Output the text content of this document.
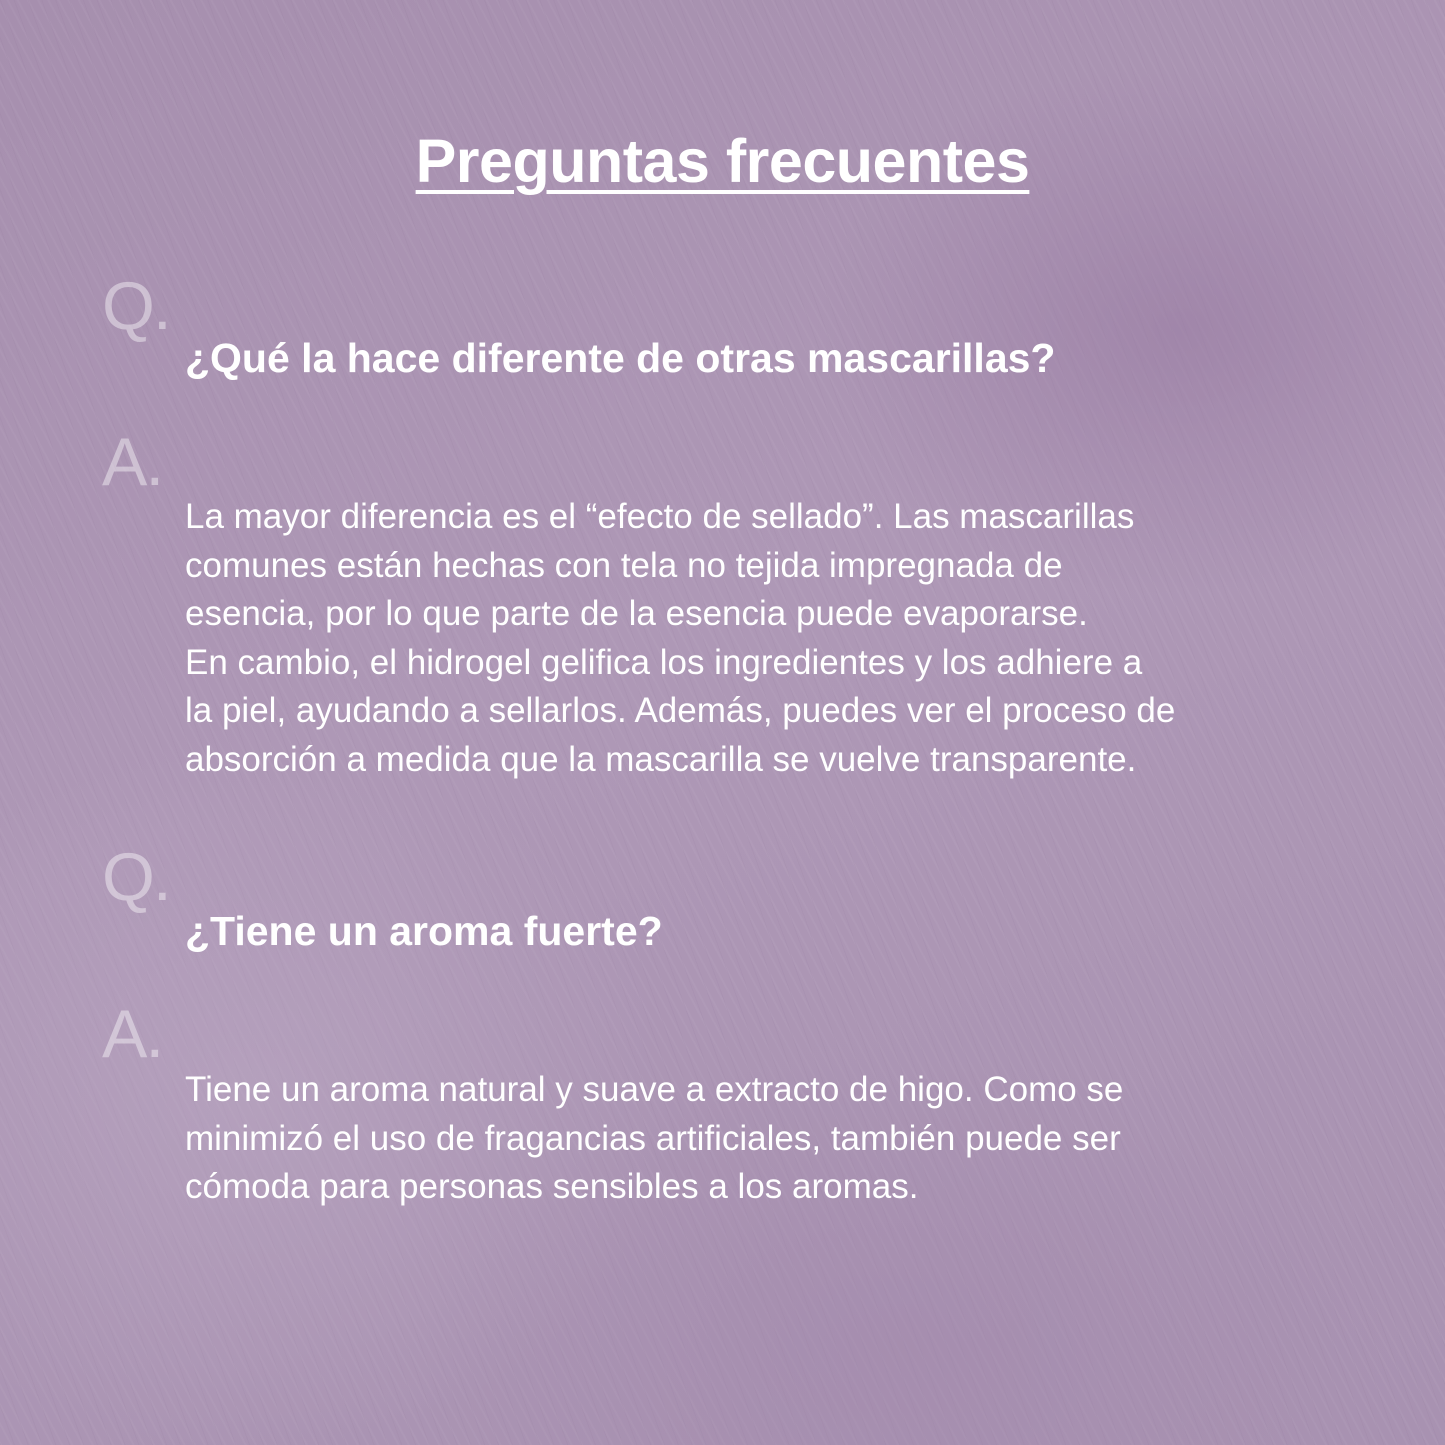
Preguntas frecuentes
Q.
¿Qué la hace diferente de otras mascarillas?
A.
La mayor diferencia es el “efecto de sellado”. Las mascarillas
comunes están hechas con tela no tejida impregnada de
esencia, por lo que parte de la esencia puede evaporarse.
En cambio, el hidrogel gelifica los ingredientes y los adhiere a
la piel, ayudando a sellarlos. Además, puedes ver el proceso de
absorción a medida que la mascarilla se vuelve transparente.
Q.
¿Tiene un aroma fuerte?
A.
Tiene un aroma natural y suave a extracto de higo. Como se
minimizó el uso de fragancias artificiales, también puede ser
cómoda para personas sensibles a los aromas.
